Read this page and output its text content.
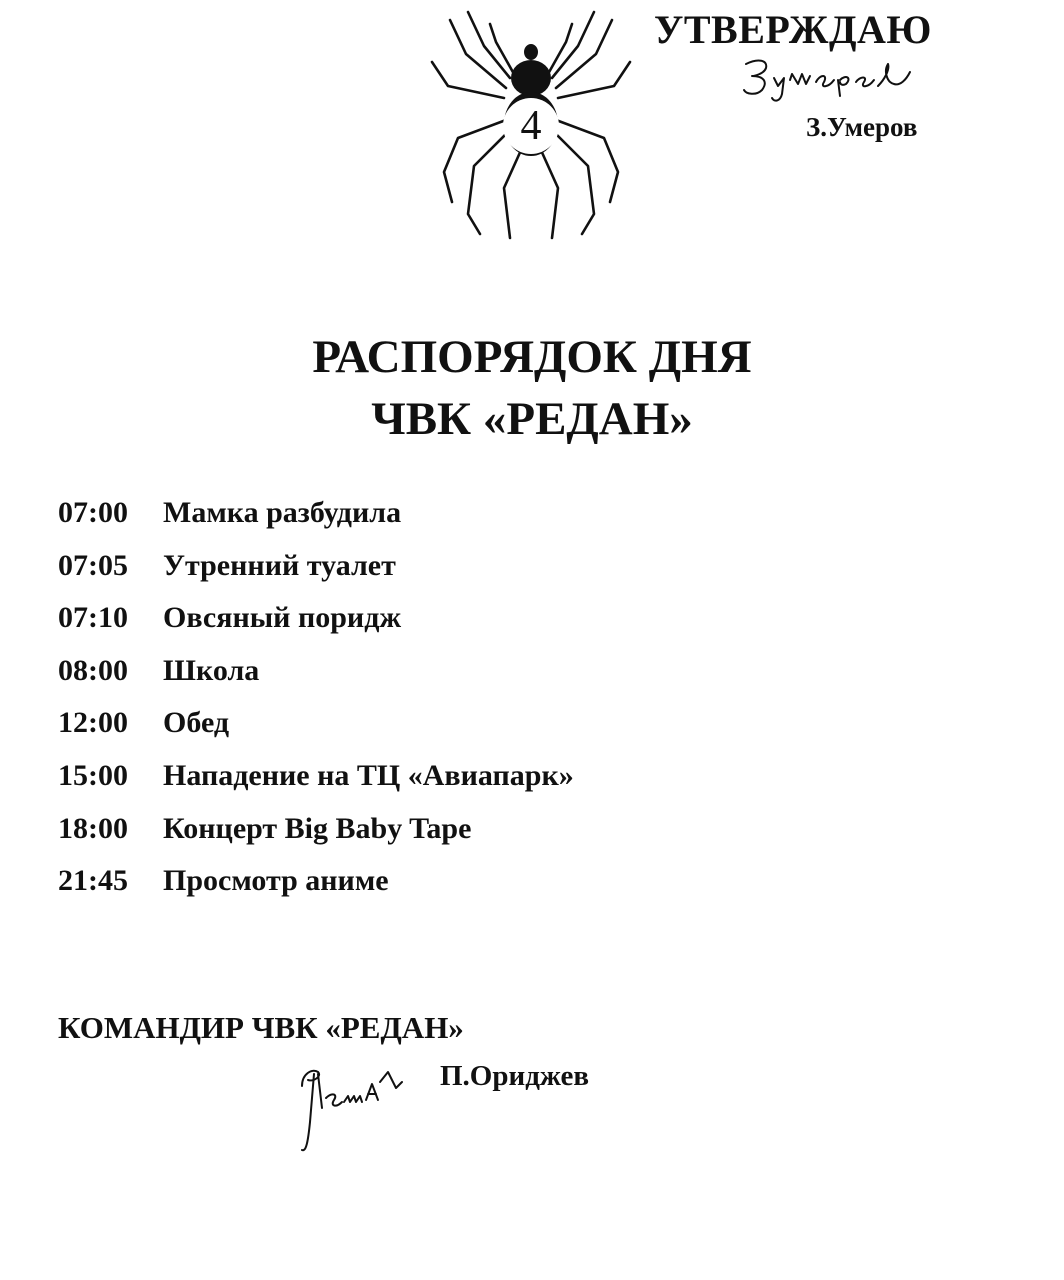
4
УТВЕРЖДАЮ
З.Умеров
РАСПОРЯДОК ДНЯ
ЧВК «РЕДАН»
07:00	Мамка разбудила
07:05	Утренний туалет
07:10	Овсяный поридж
08:00	Школа
12:00	Обед
15:00	Нападение на ТЦ «Авиапарк»
18:00	Концерт Big Baby Tape
21:45	Просмотр аниме
КОМАНДИР ЧВК «РЕДАН»
П.Ориджев
